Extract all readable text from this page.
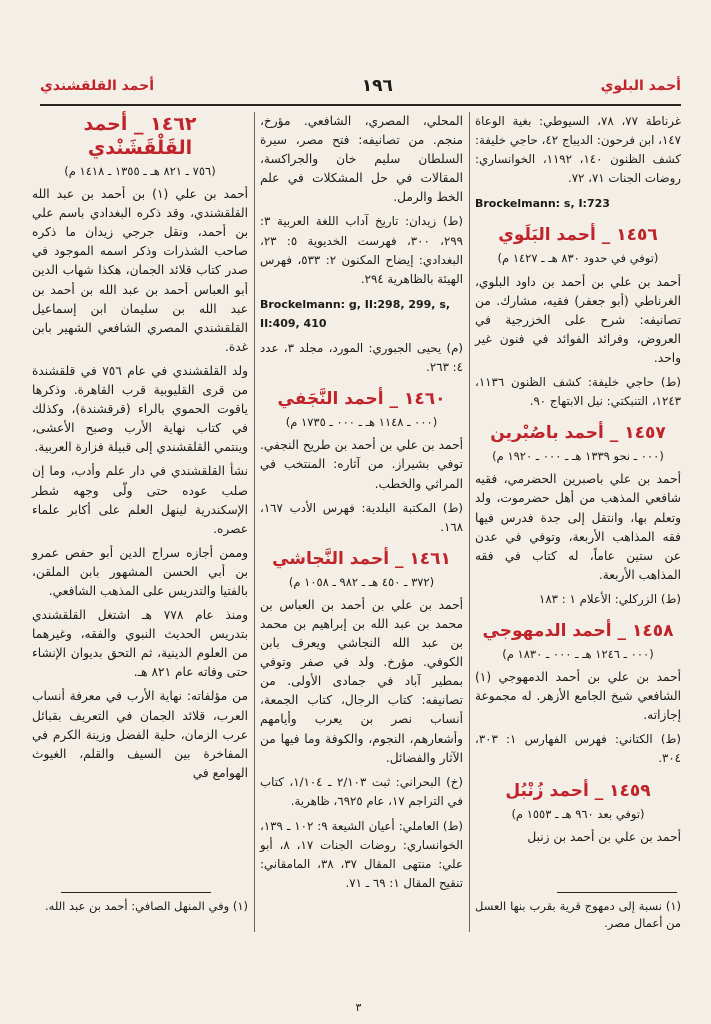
أحمد البلوي
١٩٦
أحمد القلقشندي

غرناطة ٧٧، ٧٨، السيوطي: بغية الوعاة ١٤٧، ابن فرحون: الديباج ٤٢، حاجي خليفة: كشف الظنون ١٤٠، ١١٩٢، الخوانساري: روضات الجنات ٧١، ٧٢.

Brockelmann: s, I:723

١٤٥٦ _ أحمد البَلَوي
(توفي في حدود ٨٣٠ هـ ـ ١٤٢٧ م)

أحمد بن علي بن أحمد بن داود البلوي، الغرناطي (أبو جعفر) فقيه، مشارك. من تصانيفه: شرح على الخزرجية في العروض، وفرائد الفوائد في فنون غير واحد.

(ط) حاجي خليفة: كشف الظنون ١١٣٦، ١٢٤٣، التنبكتي: نيل الابتهاج ٩٠.

١٤٥٧ _ أحمد باصُبْرين
(٠٠٠ ـ نحو ١٣٣٩ هـ ـ ٠٠٠ ـ ١٩٢٠ م)

أحمد بن علي باصبرين الحضرمي، فقيه شافعي المذهب من أهل حضرموت، ولد وتعلم بها، وانتقل إلى جدة فدرس فيها فقه المذاهب الأربعة، وتوفي في عدن عن ستين عاماً، له كتاب في فقه المذاهب الأربعة.

(ط) الزركلي: الأعلام ١ : ١٨٣

١٤٥٨ _ أحمد الدمهوجي
(٠٠٠ ـ ١٢٤٦ هـ ـ ٠٠٠ ـ ١٨٣٠ م)

أحمد بن علي بن أحمد الدمهوجي (١) الشافعي شيخ الجامع الأزهر. له مجموعة إجازاته.

(ط) الكتاني: فهرس الفهارس ١: ٣٠٣، ٣٠٤.

١٤٥٩ _ أحمد زُنْبُل
(توفي بعد ٩٦٠ هـ ـ ١٥٥٣ م)

أحمد بن علي بن أحمد بن زنبل

المحلي، المصري، الشافعي. مؤرخ، منجم. من تصانيفه: فتح مصر، سيرة السلطان سليم خان والجراكسة، المقالات في حل المشكلات في علم الخط والرمل.

(ط) زيدان: تاريخ آداب اللغة العربية ٣: ٢٩٩، ٣٠٠، فهرست الخديوية ٥: ٢٣، البغدادي: إيضاح المكنون ٢: ٥٣٣، فهرس الهيئة بالظاهرية ٢٩٤.

Brockelmann: g, II:298, 299, s, II:409, 410

(م) يحيى الجبوري: المورد، مجلد ٣، عدد ٤: ٢٦٣.

١٤٦٠ _ أحمد النَّجَفي
(٠٠٠ ـ ١١٤٨ هـ ـ ٠٠٠ ـ ١٧٣٥ م)

أحمد بن علي بن أحمد بن طريح النجفي. توفي بشيراز. من آثاره: المنتخب في المراثي والخطب.

(ط) المكتبة البلدية: فهرس الأدب ١٦٧، ١٦٨.

١٤٦١ _ أحمد النَّجاشي
(٣٧٢ ـ ٤٥٠ هـ ـ ٩٨٢ ـ ١٠٥٨ م)

أحمد بن علي بن أحمد بن العباس بن محمد بن عبد الله بن إبراهيم بن محمد بن عبد الله النجاشي ويعرف بابن الكوفي. مؤرخ. ولد في صفر وتوفي بمطير آباد في جمادى الأولى. من تصانيفه: كتاب الرجال، كتاب الجمعة، أنساب نصر بن يعرب وأيامهم وأشعارهم، النجوم، والكوفة وما فيها من الآثار والفضائل.

(خ) البحراني: ثبت ٢/١٠٣ ـ ١/١٠٤، كتاب في التراجم ١٧، عام ٦٩٢٥، ظاهرية.

(ط) العاملي: أعيان الشيعة ٩: ١٠٢ ـ ١٣٩، الخوانساري: روضات الجنات ١٧، ٨، أبو علي: منتهى المقال ٣٧، ٣٨، المامقاني: تنقيح المقال ١: ٦٩ ـ ٧١.

١٤٦٢ _ أحمد القَلْقَشَنْدي
(٧٥٦ ـ ٨٢١ هـ ـ ١٣٥٥ ـ ١٤١٨ م)

أحمد بن علي (١) بن أحمد بن عبد الله القلقشندي، وقد ذكره البغدادي باسم علي بن أحمد، ونقل جرجي زيدان ما ذكره صاحب الشذرات وذكر اسمه الموجود في صدر كتاب قلائد الجمان، هكذا شهاب الدين أبو العباس أحمد بن عبد الله بن أحمد بن عبد الله بن سليمان ابن إسماعيل القلقشندي المصري الشافعي الشهير بابن غدة.

ولد القلقشندي في عام ٧٥٦ في قلقشندة من قرى القليوبية قرب القاهرة. وذكرها ياقوت الحموي بالراء (قرقشندة)، وكذلك في كتاب نهاية الأرب وصبح الأعشى، وينتمي القلقشندي إلى قبيلة فزارة العربية.

نشأ القلقشندي في دار علم وأدب، وما إن صلب عوده حتى ولّى وجهه شطر الإسكندرية لينهل العلم على أكابر علماء عصره.

وممن أجازه سراج الدين أبو حفص عمرو بن أبي الحسن المشهور بابن الملقن، بالفتيا والتدريس على المذهب الشافعي.

ومنذ عام ٧٧٨ هـ اشتغل القلقشندي بتدريس الحديث النبوي والفقه، وغيرهما من العلوم الدينية، ثم التحق بديوان الإنشاء حتى وفاته عام ٨٢١ هـ.

من مؤلفاته: نهاية الأرب في معرفة أنساب العرب، قلائد الجمان في التعريف بقبائل عرب الزمان، حلية الفضل وزينة الكرم في المفاخرة بين السيف والقلم، الغيوث الهوامع في

(١) نسبة إلى دمهوج قرية بقرب بنها العسل من أعمال مصر.
(١) وفي المنهل الصافي: أحمد بن عبد الله.
٣
